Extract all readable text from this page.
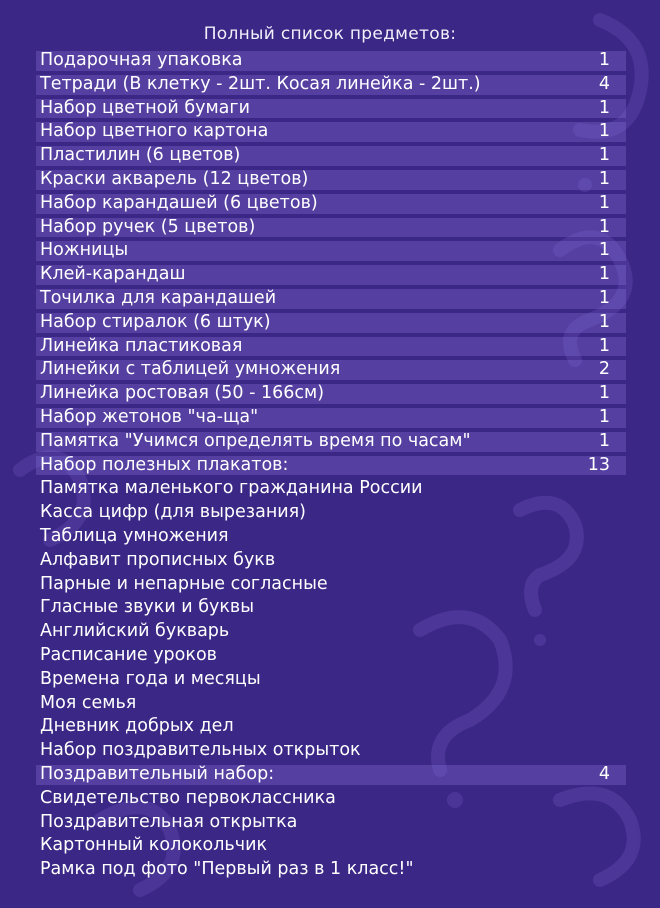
Полный список предметов:
Подарочная упаковка	1
Тетради (В клетку - 2шт. Косая линейка - 2шт.)	4
Набор цветной бумаги	1
Набор цветного картона	1
Пластилин (6 цветов)	1
Краски акварель (12 цветов)	1
Набор карандашей (6 цветов)	1
Набор ручек (5 цветов)	1
Ножницы	1
Клей-карандаш	1
Точилка для карандашей	1
Набор стиралок (6 штук)	1
Линейка пластиковая	1
Линейки с таблицей умножения	2
Линейка ростовая (50 - 166см)	1
Набор жетонов "ча-ща"	1
Памятка "Учимся определять время по часам"	1
Набор полезных плакатов:	13
Памятка маленького гражданина России
Касса цифр (для вырезания)
Таблица умножения
Алфавит прописных букв
Парные и непарные согласные
Гласные звуки и буквы
Английский букварь
Расписание уроков
Времена года и месяцы
Моя семья
Дневник добрых дел
Набор поздравительных открыток
Поздравительный набор:	4
Свидетельство первоклассника
Поздравительная открытка
Картонный колокольчик
Рамка под фото "Первый раз в 1 класс!"
